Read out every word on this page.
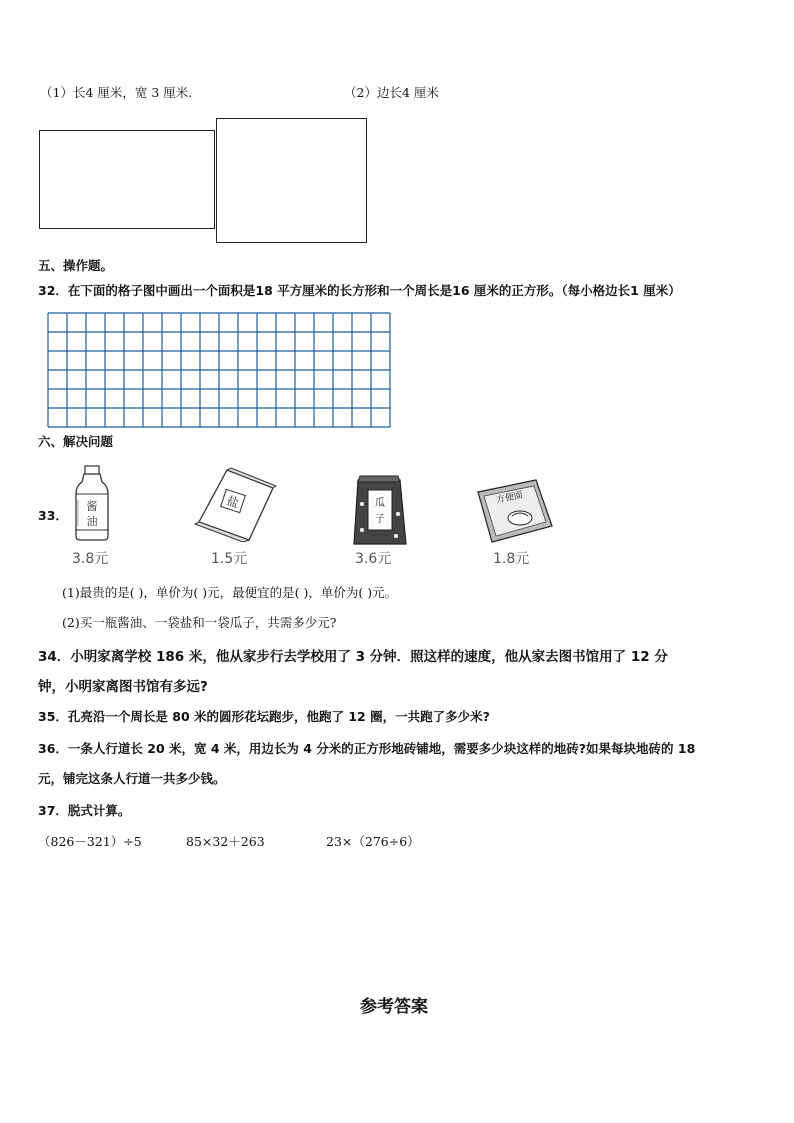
（1）长4 厘米，宽 3 厘米.	（2）边长4 厘米
五、操作题。
32．在下面的格子图中画出一个面积是18 平方厘米的长方形和一个周长是16 厘米的正方形。（每小格边长1 厘米）
六、解决问题
33．
酱
油
3.8元
盐
1.5元
瓜
子
3.6元
方便面
1.8元
(1)最贵的是( )，单价为( )元，最便宜的是( )，单价为( )元。
(2)买一瓶酱油、一袋盐和一袋瓜子，共需多少元?
34．小明家离学校 186 米，他从家步行去学校用了 3 分钟．照这样的速度，他从家去图书馆用了 12 分
钟，小明家离图书馆有多远?
35．孔亮沿一个周长是 80 米的圆形花坛跑步，他跑了 12 圈，一共跑了多少米?
36．一条人行道长 20 米，宽 4 米，用边长为 4 分米的正方形地砖铺地，需要多少块这样的地砖?如果每块地砖的 18
元，铺完这条人行道一共多少钱。
37．脱式计算。
（826－321）÷5	85×32＋263	23×（276÷6）
参考答案
